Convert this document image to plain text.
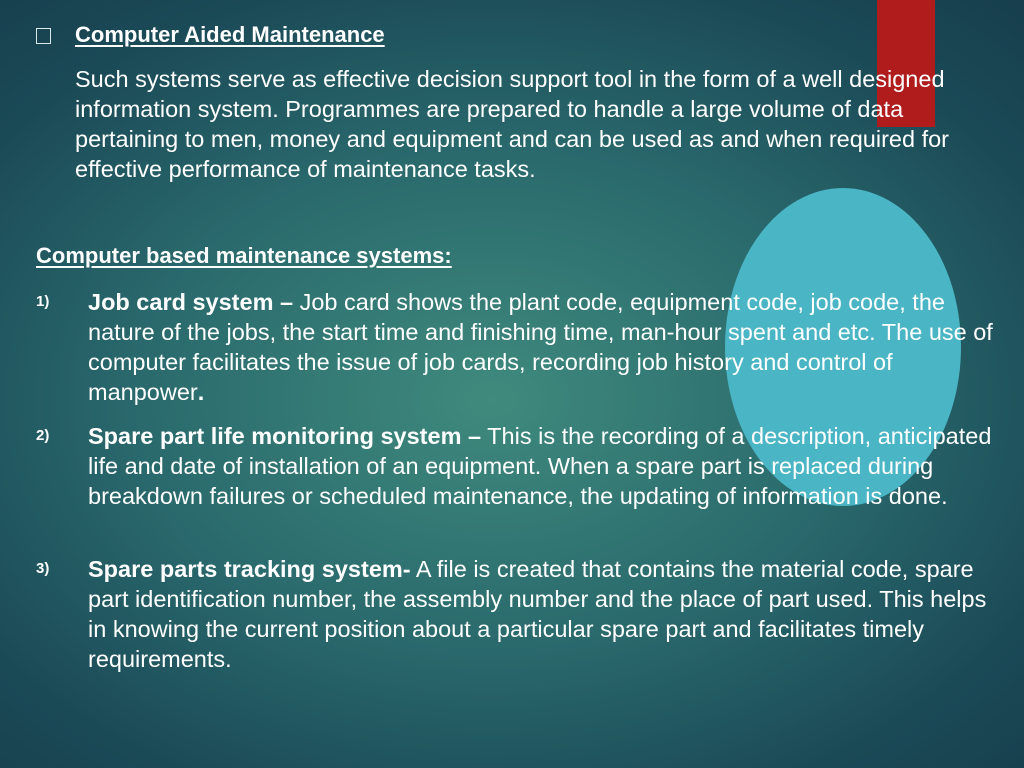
Computer Aided Maintenance

Such systems serve as effective decision support tool in the form of a well designed information system. Programmes are prepared to handle a large volume of data pertaining to men, money and equipment and can be used as and when required for effective performance of maintenance tasks.

Computer based maintenance systems:
1) Job card system – Job card shows the plant code, equipment code, job code, the nature of the jobs, the start time and finishing time, man-hour spent and etc. The use of computer facilitates the issue of job cards, recording job history and control of manpower.

2) Spare part life monitoring system – This is the recording of a description, anticipated life and date of installation of an equipment. When a spare part is replaced during breakdown failures or scheduled maintenance, the updating of information is done.

3) Spare parts tracking system- A file is created that contains the material code, spare part identification number, the assembly number and the place of part used. This helps in knowing the current position about a particular spare part and facilitates timely requirements.
